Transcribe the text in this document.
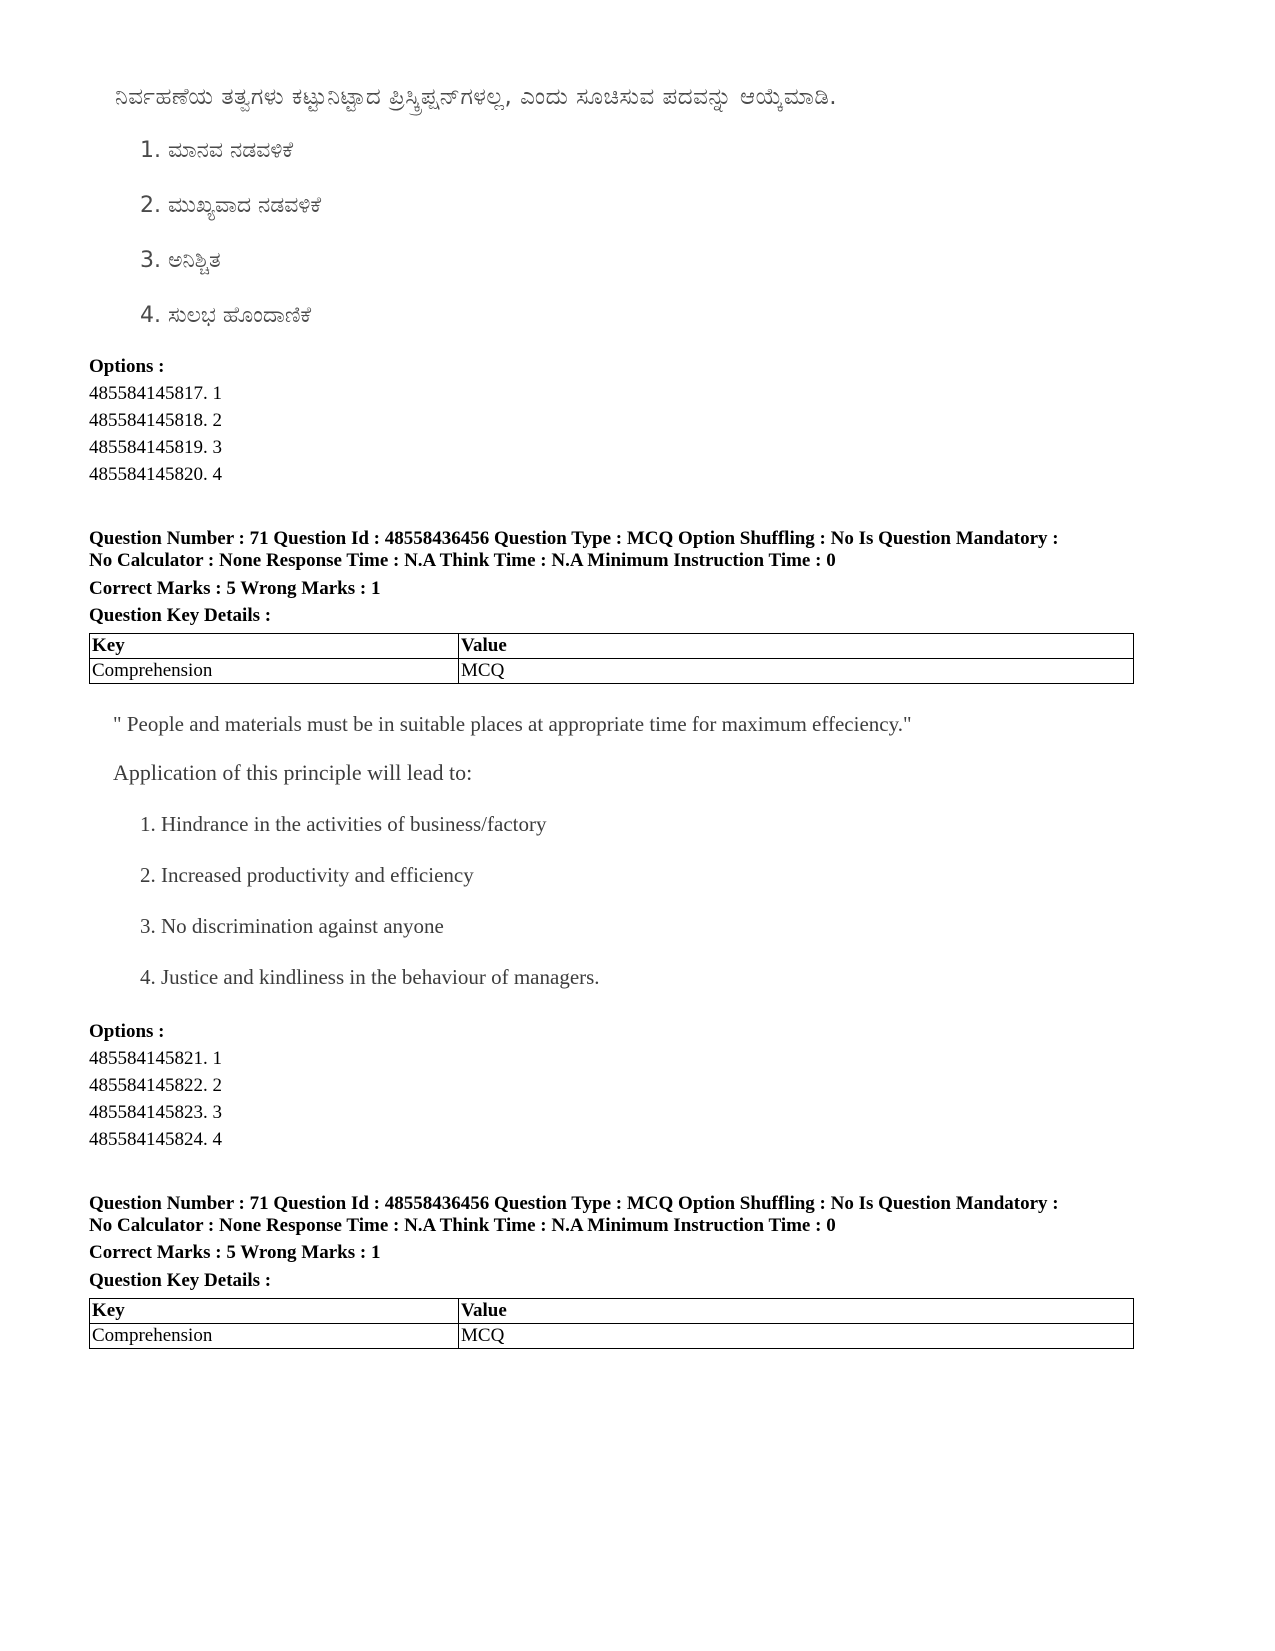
ನಿರ್ವಹಣೆಯ ತತ್ವಗಳು ಕಟ್ಟುನಿಟ್ಟಾದ ಪ್ರಿಸ್ಕ್ರಿಪ್ಷನ್‌ಗಳಲ್ಲ, ಎಂದು ಸೂಚಿಸುವ ಪದವನ್ನು ಆಯ್ಕೆಮಾಡಿ.
1. ಮಾನವ ನಡವಳಿಕೆ
2. ಮುಖ್ಯವಾದ ನಡವಳಿಕೆ
3. ಅನಿಶ್ಚಿತ
4. ಸುಲಭ ಹೊಂದಾಣಿಕೆ
Options :
485584145817. 1
485584145818. 2
485584145819. 3
485584145820. 4
Question Number : 71 Question Id : 48558436456 Question Type : MCQ Option Shuffling : No Is Question Mandatory :
No Calculator : None Response Time : N.A Think Time : N.A Minimum Instruction Time : 0
Correct Marks : 5 Wrong Marks : 1
Question Key Details :
Key	Value
Comprehension	MCQ
" People and materials must be in suitable places at appropriate time for maximum effeciency."
Application of this principle will lead to:
1. Hindrance in the activities of business/factory
2. Increased productivity and efficiency
3. No discrimination against anyone
4. Justice and kindliness in the behaviour of managers.
Options :
485584145821. 1
485584145822. 2
485584145823. 3
485584145824. 4
Question Number : 71 Question Id : 48558436456 Question Type : MCQ Option Shuffling : No Is Question Mandatory :
No Calculator : None Response Time : N.A Think Time : N.A Minimum Instruction Time : 0
Correct Marks : 5 Wrong Marks : 1
Question Key Details :
Key	Value
Comprehension	MCQ
